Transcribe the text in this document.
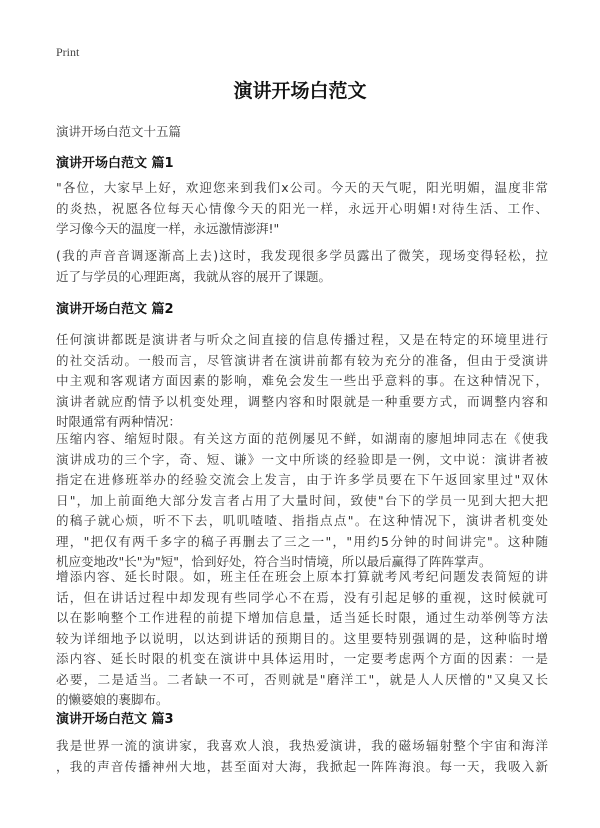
Print
演讲开场白范文
演讲开场白范文十五篇
演讲开场白范文 篇1
"各位，大家早上好，欢迎您来到我们x公司。今天的天气呢，阳光明媚，温度非常
的炎热，祝愿各位每天心情像今天的阳光一样，永远开心明媚!对待生活、工作、
学习像今天的温度一样，永远激情澎湃!"
(我的声音音调逐渐高上去)这时，我发现很多学员露出了微笑，现场变得轻松，拉
近了与学员的心理距离，我就从容的展开了课题。
演讲开场白范文 篇2
任何演讲都既是演讲者与听众之间直接的信息传播过程，又是在特定的环境里进行
的社交活动。一般而言，尽管演讲者在演讲前都有较为充分的准备，但由于受演讲
中主观和客观诸方面因素的影响，难免会发生一些出乎意料的事。在这种情况下，
演讲者就应酌情予以机变处理，调整内容和时限就是一种重要方式，而调整内容和
时限通常有两种情况：
压缩内容、缩短时限。有关这方面的范例屡见不鲜，如湖南的廖旭坤同志在《使我
演讲成功的三个字，奇、短、谦》一文中所谈的经验即是一例，文中说：演讲者被
指定在进修班举办的经验交流会上发言，由于许多学员要在下午返回家里过"双休
日"，加上前面绝大部分发言者占用了大量时间，致使"台下的学员一见到大把大把
的稿子就心烦，听不下去，叽叽喳喳、指指点点"。在这种情况下，演讲者机变处
理，"把仅有两千多字的稿子再删去了三之一"，"用约5分钟的时间讲完"。这种随
机应变地改"长"为"短"，恰到好处，符合当时情境，所以最后赢得了阵阵掌声。
增添内容、延长时限。如，班主任在班会上原本打算就考风考纪问题发表简短的讲
话，但在讲话过程中却发现有些同学心不在焉，没有引起足够的重视，这时候就可
以在影响整个工作进程的前提下增加信息量，适当延长时限，通过生动举例等方法
较为详细地予以说明，以达到讲话的预期目的。这里要特别强调的是，这种临时增
添内容、延长时限的机变在演讲中具体运用时，一定要考虑两个方面的因素：一是
必要，二是适当。二者缺一不可，否则就是"磨洋工"，就是人人厌憎的"又臭又长
的懒婆娘的裹脚布。
演讲开场白范文 篇3
我是世界一流的演讲家，我喜欢人浪，我热爱演讲，我的磁场辐射整个宇宙和海洋
，我的声音传播神州大地，甚至面对大海，我掀起一阵阵海浪。每一天，我吸入新
